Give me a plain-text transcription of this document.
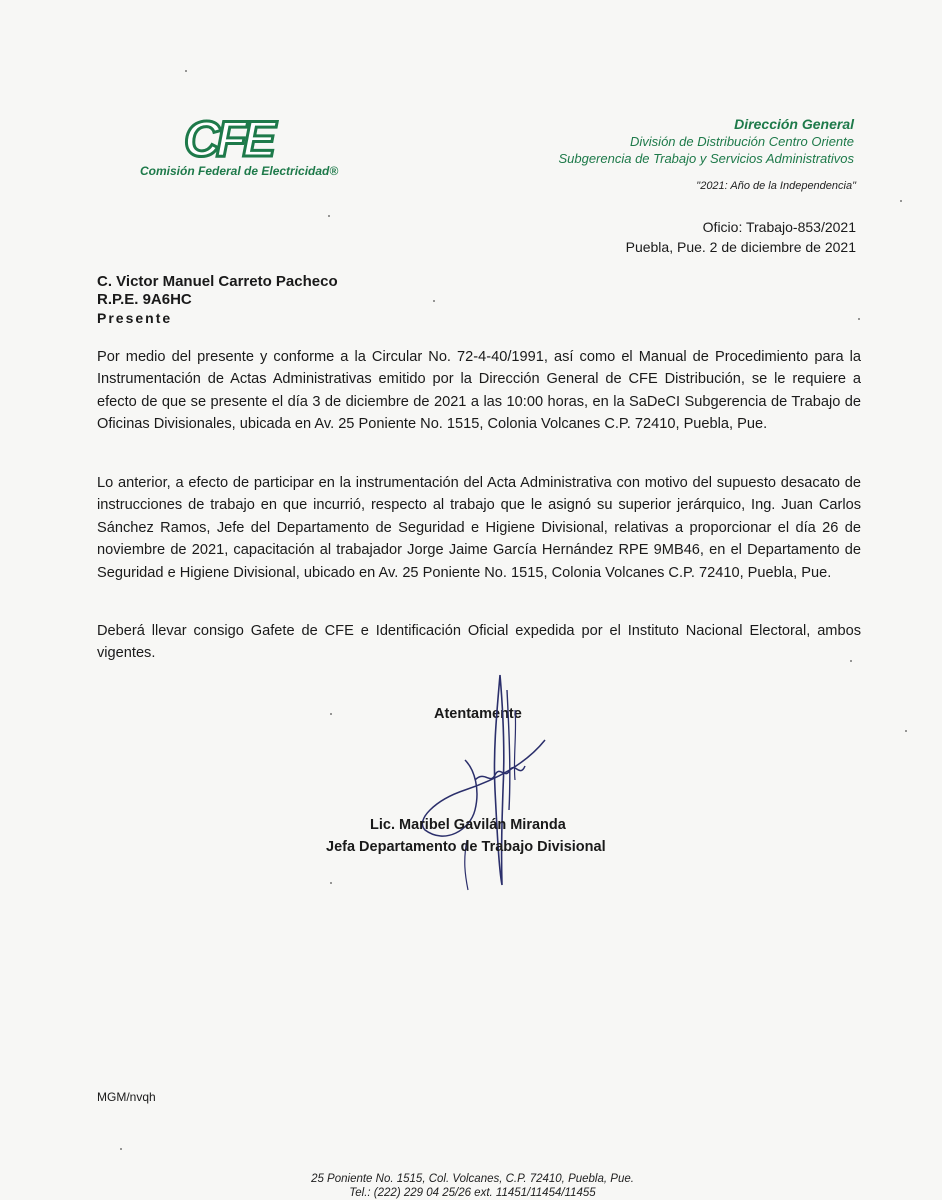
CFE
Comisión Federal de Electricidad®
Dirección General
División de Distribución Centro Oriente
Subgerencia de Trabajo y Servicios Administrativos
"2021: Año de la Independencia"
Oficio: Trabajo-853/2021
Puebla, Pue. 2 de diciembre de 2021
C. Victor Manuel Carreto Pacheco
R.P.E. 9A6HC
Presente
Por medio del presente y conforme a la Circular No. 72-4-40/1991, así como el Manual de Procedimiento para la Instrumentación de Actas Administrativas emitido por la Dirección General de CFE Distribución, se le requiere a efecto de que se presente el día 3 de diciembre de 2021 a las 10:00 horas, en la SaDeCI Subgerencia de Trabajo de Oficinas Divisionales, ubicada en Av. 25 Poniente No. 1515, Colonia Volcanes C.P. 72410, Puebla, Pue.
Lo anterior, a efecto de participar en la instrumentación del Acta Administrativa con motivo del supuesto desacato de instrucciones de trabajo en que incurrió, respecto al trabajo que le asignó su superior jerárquico, Ing. Juan Carlos Sánchez Ramos, Jefe del Departamento de Seguridad e Higiene Divisional, relativas a proporcionar el día 26 de noviembre de 2021, capacitación al trabajador Jorge Jaime García Hernández RPE 9MB46, en el Departamento de Seguridad e Higiene Divisional, ubicado en Av. 25 Poniente No. 1515, Colonia Volcanes C.P. 72410, Puebla, Pue.
Deberá llevar consigo Gafete de CFE e Identificación Oficial expedida por el Instituto Nacional Electoral, ambos vigentes.
Atentamente
Lic. Maribel Gavilán Miranda
Jefa Departamento de Trabajo Divisional
MGM/nvqh
25 Poniente No. 1515, Col. Volcanes, C.P. 72410, Puebla, Pue.
Tel.: (222) 229 04 25/26 ext. 11451/11454/11455
